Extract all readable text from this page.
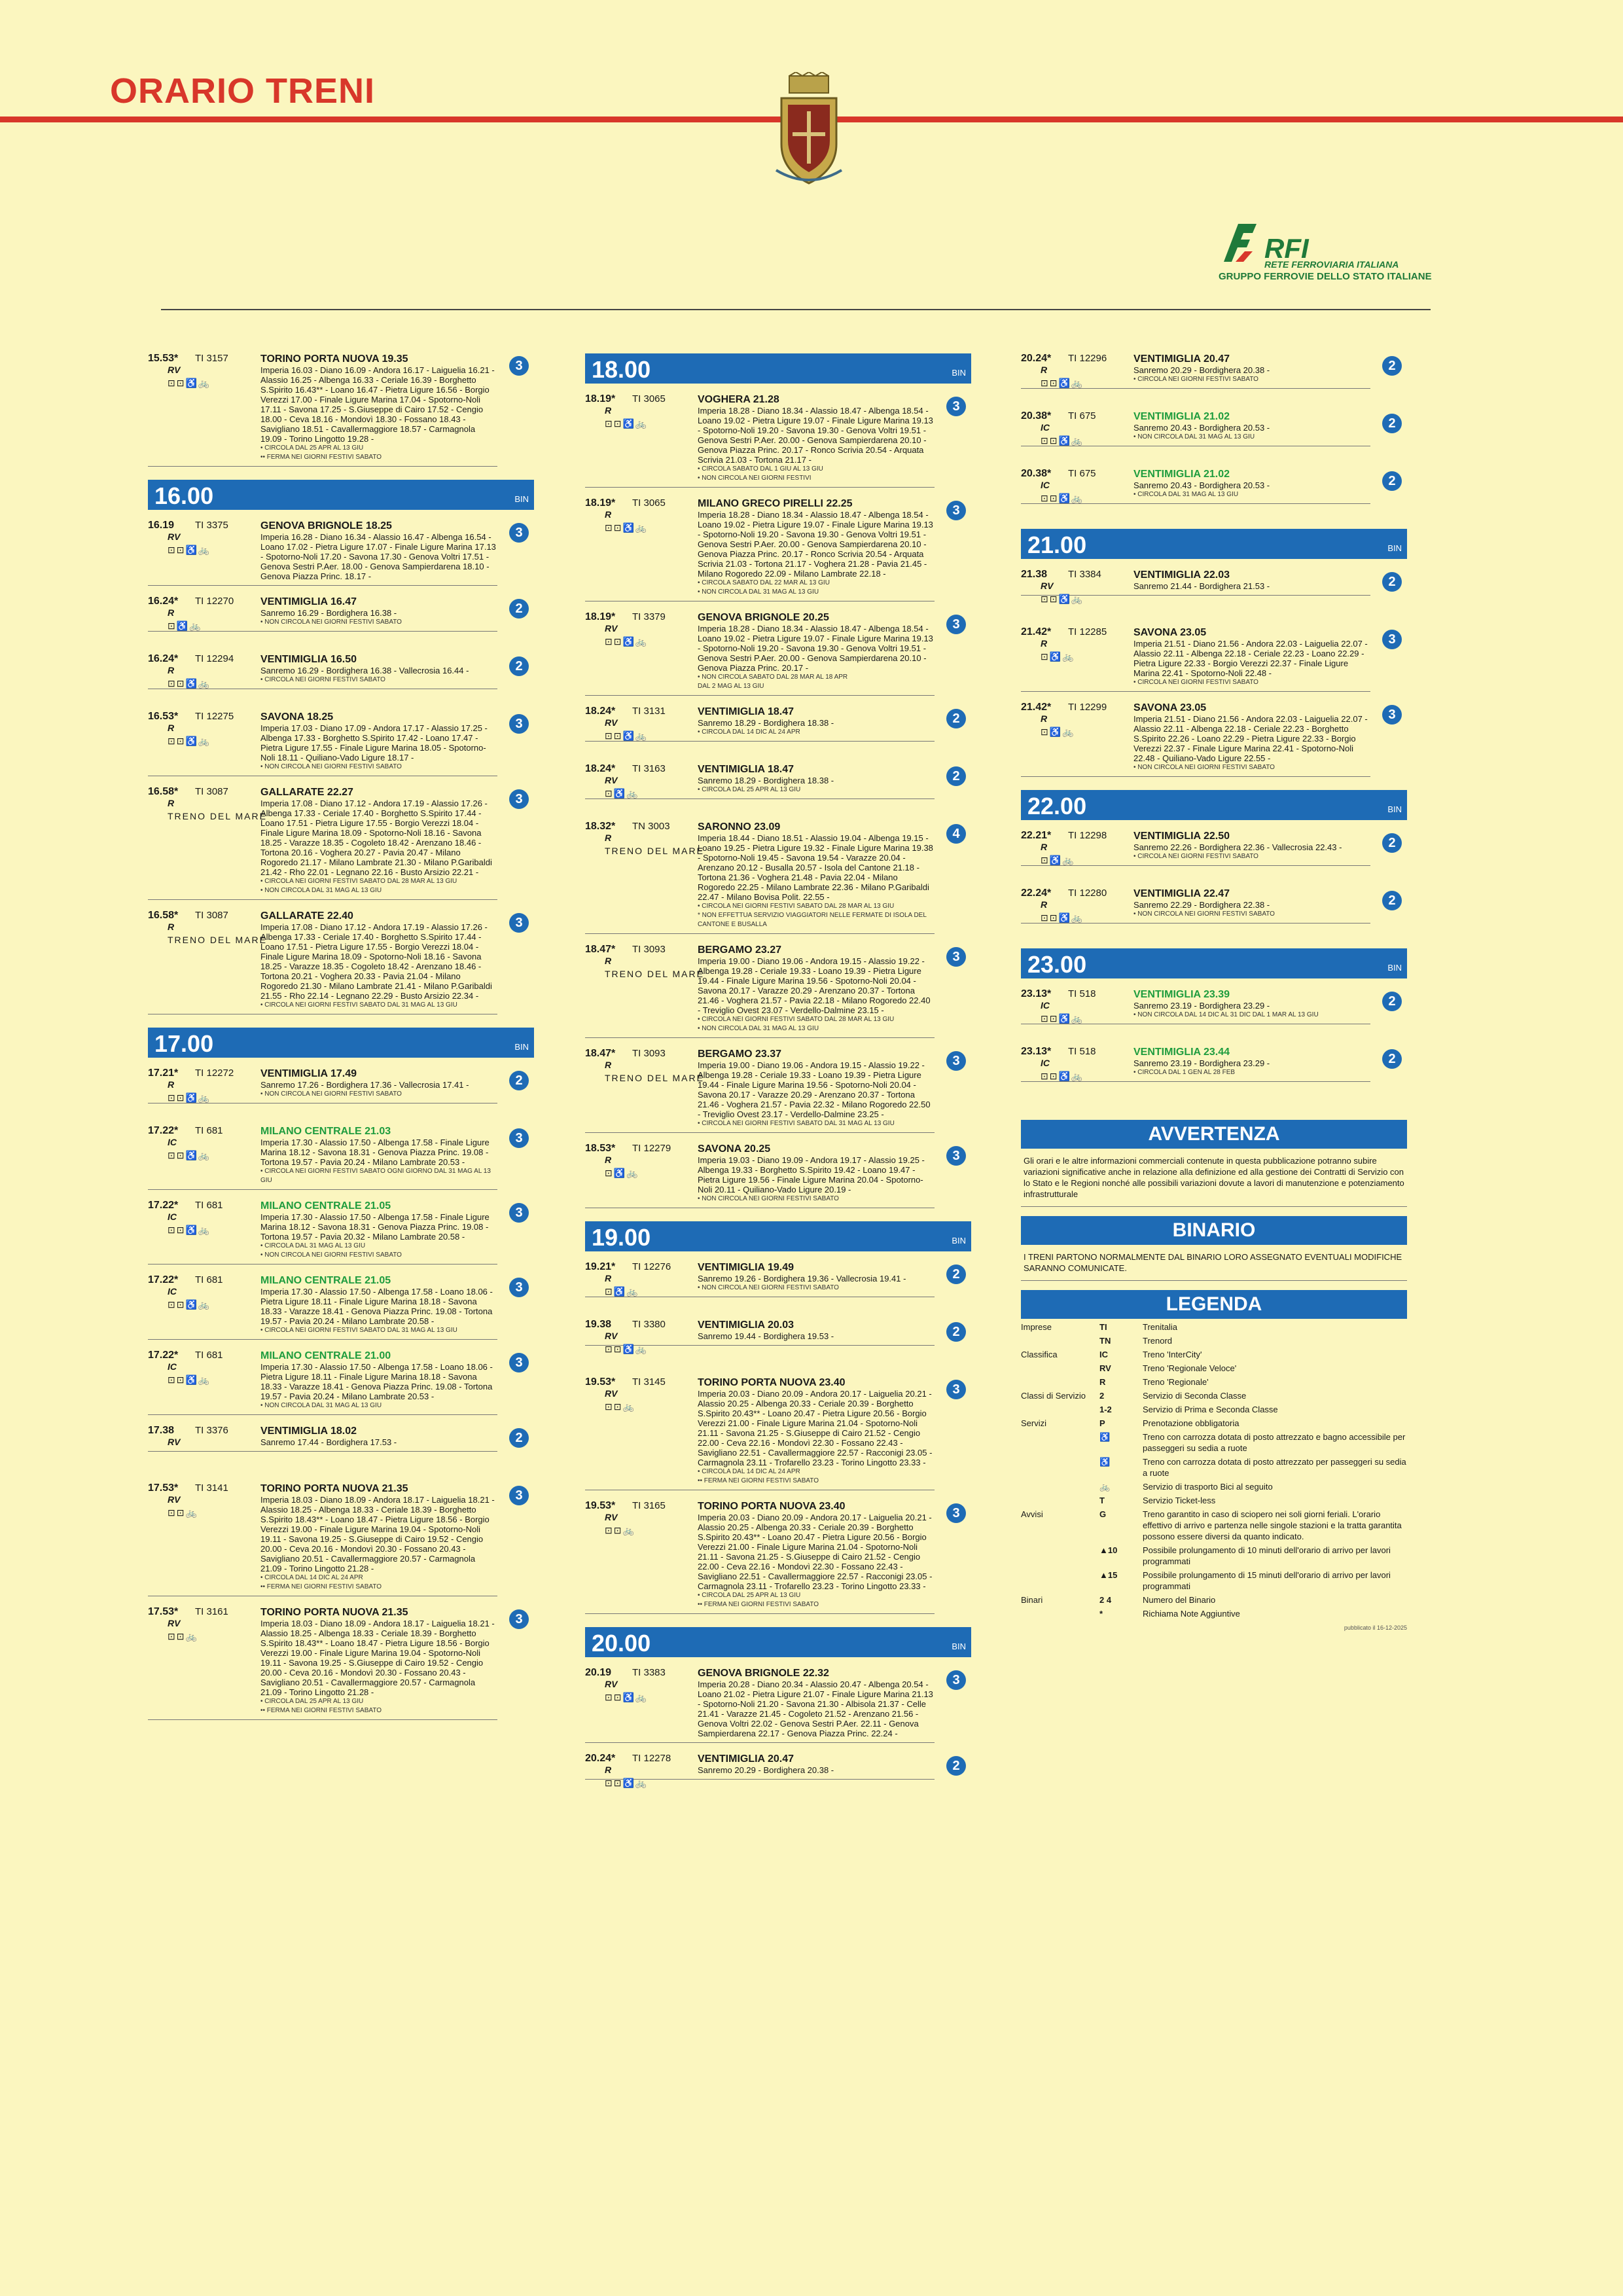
ORARIO TRENI
RFI
RETE FERROVIARIA ITALIANA
GRUPPO FERROVIE DELLO STATO ITALIANE
15.53* TI 3157
RV
⊡⊡♿🚲
TORINO PORTA NUOVA 19.35
Imperia 16.03 - Diano 16.09 - Andora 16.17 - Laiguelia 16.21 - Alassio 16.25 - Albenga 16.33 - Ceriale 16.39 - Borghetto S.Spirito 16.43** - Loano 16.47 - Pietra Ligure 16.56 - Borgio Verezzi 17.00 - Finale Ligure Marina 17.04 - Spotorno-Noli 17.11 - Savona 17.25 - S.Giuseppe di Cairo 17.52 - Cengio 18.00 - Ceva 18.16 - Mondovì 18.30 - Fossano 18.43 - Savigliano 18.51 - Cavallermaggiore 18.57 - Carmagnola 19.09 - Torino Lingotto 19.28 -
• CIRCOLA DAL 25 APR AL 13 GIU
•• FERMA NEI GIORNI FESTIVI SABATO
3
16.00	BIN
16.19 TI 3375
RV
⊡⊡♿🚲
GENOVA BRIGNOLE 18.25
Imperia 16.28 - Diano 16.34 - Alassio 16.47 - Albenga 16.54 - Loano 17.02 - Pietra Ligure 17.07 - Finale Ligure Marina 17.13 - Spotorno-Noli 17.20 - Savona 17.30 - Genova Voltri 17.51 - Genova Sestri P.Aer. 18.00 - Genova Sampierdarena 18.10 - Genova Piazza Princ. 18.17 -
3
16.24* TI 12270
R
⊡♿🚲
VENTIMIGLIA 16.47
Sanremo 16.29 - Bordighera 16.38 -
• NON CIRCOLA NEI GIORNI FESTIVI SABATO
2
16.24* TI 12294
R
⊡⊡♿🚲
VENTIMIGLIA 16.50
Sanremo 16.29 - Bordighera 16.38 - Vallecrosia 16.44 -
• CIRCOLA NEI GIORNI FESTIVI SABATO
2
16.53* TI 12275
R
⊡⊡♿🚲
SAVONA 18.25
Imperia 17.03 - Diano 17.09 - Andora 17.17 - Alassio 17.25 - Albenga 17.33 - Borghetto S.Spirito 17.42 - Loano 17.47 - Pietra Ligure 17.55 - Finale Ligure Marina 18.05 - Spotorno-Noli 18.11 - Quiliano-Vado Ligure 18.17 -
• NON CIRCOLA NEI GIORNI FESTIVI SABATO
3
16.58* TI 3087
R
TRENO DEL MARE
GALLARATE 22.27
Imperia 17.08 - Diano 17.12 - Andora 17.19 - Alassio 17.26 - Albenga 17.33 - Ceriale 17.40 - Borghetto S.Spirito 17.44 - Loano 17.51 - Pietra Ligure 17.55 - Borgio Verezzi 18.04 - Finale Ligure Marina 18.09 - Spotorno-Noli 18.16 - Savona 18.25 - Varazze 18.35 - Cogoleto 18.42 - Arenzano 18.46 - Tortona 20.16 - Voghera 20.27 - Pavia 20.47 - Milano Rogoredo 21.17 - Milano Lambrate 21.30 - Milano P.Garibaldi 21.42 - Rho 22.01 - Legnano 22.16 - Busto Arsizio 22.21 -
• CIRCOLA NEI GIORNI FESTIVI SABATO DAL 28 MAR AL 13 GIU
• NON CIRCOLA DAL 31 MAG AL 13 GIU
3
16.58* TI 3087
R
TRENO DEL MARE
GALLARATE 22.40
Imperia 17.08 - Diano 17.12 - Andora 17.19 - Alassio 17.26 - Albenga 17.33 - Ceriale 17.40 - Borghetto S.Spirito 17.44 - Loano 17.51 - Pietra Ligure 17.55 - Borgio Verezzi 18.04 - Finale Ligure Marina 18.09 - Spotorno-Noli 18.16 - Savona 18.25 - Varazze 18.35 - Cogoleto 18.42 - Arenzano 18.46 - Tortona 20.21 - Voghera 20.33 - Pavia 21.04 - Milano Rogoredo 21.30 - Milano Lambrate 21.41 - Milano P.Garibaldi 21.55 - Rho 22.14 - Legnano 22.29 - Busto Arsizio 22.34 -
• CIRCOLA NEI GIORNI FESTIVI SABATO DAL 31 MAG AL 13 GIU
3
17.00	BIN
17.21* TI 12272
R
⊡⊡♿🚲
VENTIMIGLIA 17.49
Sanremo 17.26 - Bordighera 17.36 - Vallecrosia 17.41 -
• NON CIRCOLA NEI GIORNI FESTIVI SABATO
2
17.22* TI 681
IC
⊡⊡♿🚲
MILANO CENTRALE 21.03
Imperia 17.30 - Alassio 17.50 - Albenga 17.58 - Finale Ligure Marina 18.12 - Savona 18.31 - Genova Piazza Princ. 19.08 - Tortona 19.57 - Pavia 20.24 - Milano Lambrate 20.53 -
• CIRCOLA NEI GIORNI FESTIVI SABATO OGNI GIORNO DAL 31 MAG AL 13 GIU
3
17.22* TI 681
IC
⊡⊡♿🚲
MILANO CENTRALE 21.05
Imperia 17.30 - Alassio 17.50 - Albenga 17.58 - Finale Ligure Marina 18.12 - Savona 18.31 - Genova Piazza Princ. 19.08 - Tortona 19.57 - Pavia 20.32 - Milano Lambrate 20.58 -
• CIRCOLA DAL 31 MAG AL 13 GIU
• NON CIRCOLA NEI GIORNI FESTIVI SABATO
3
17.22* TI 681
IC
⊡⊡♿🚲
MILANO CENTRALE 21.05
Imperia 17.30 - Alassio 17.50 - Albenga 17.58 - Loano 18.06 - Pietra Ligure 18.11 - Finale Ligure Marina 18.18 - Savona 18.33 - Varazze 18.41 - Genova Piazza Princ. 19.08 - Tortona 19.57 - Pavia 20.24 - Milano Lambrate 20.58 -
• CIRCOLA NEI GIORNI FESTIVI SABATO DAL 31 MAG AL 13 GIU
3
17.22* TI 681
IC
⊡⊡♿🚲
MILANO CENTRALE 21.00
Imperia 17.30 - Alassio 17.50 - Albenga 17.58 - Loano 18.06 - Pietra Ligure 18.11 - Finale Ligure Marina 18.18 - Savona 18.33 - Varazze 18.41 - Genova Piazza Princ. 19.08 - Tortona 19.57 - Pavia 20.24 - Milano Lambrate 20.53 -
• NON CIRCOLA DAL 31 MAG AL 13 GIU
3
17.38 TI 3376
RV
VENTIMIGLIA 18.02
Sanremo 17.44 - Bordighera 17.53 -	2
17.53* TI 3141
RV
⊡⊡🚲
TORINO PORTA NUOVA 21.35
Imperia 18.03 - Diano 18.09 - Andora 18.17 - Laiguelia 18.21 - Alassio 18.25 - Albenga 18.33 - Ceriale 18.39 - Borghetto S.Spirito 18.43** - Loano 18.47 - Pietra Ligure 18.56 - Borgio Verezzi 19.00 - Finale Ligure Marina 19.04 - Spotorno-Noli 19.11 - Savona 19.25 - S.Giuseppe di Cairo 19.52 - Cengio 20.00 - Ceva 20.16 - Mondovì 20.30 - Fossano 20.43 - Savigliano 20.51 - Cavallermaggiore 20.57 - Carmagnola 21.09 - Torino Lingotto 21.28 -
• CIRCOLA DAL 14 DIC AL 24 APR
•• FERMA NEI GIORNI FESTIVI SABATO
3
17.53* TI 3161
RV
⊡⊡🚲
TORINO PORTA NUOVA 21.35
Imperia 18.03 - Diano 18.09 - Andora 18.17 - Laiguelia 18.21 - Alassio 18.25 - Albenga 18.33 - Ceriale 18.39 - Borghetto S.Spirito 18.43** - Loano 18.47 - Pietra Ligure 18.56 - Borgio Verezzi 19.00 - Finale Ligure Marina 19.04 - Spotorno-Noli 19.11 - Savona 19.25 - S.Giuseppe di Cairo 19.52 - Cengio 20.00 - Ceva 20.16 - Mondovì 20.30 - Fossano 20.43 - Savigliano 20.51 - Cavallermaggiore 20.57 - Carmagnola 21.09 - Torino Lingotto 21.28 -
• CIRCOLA DAL 25 APR AL 13 GIU
•• FERMA NEI GIORNI FESTIVI SABATO
3
18.00	BIN
18.19* TI 3065
R
⊡⊡♿🚲
VOGHERA 21.28
Imperia 18.28 - Diano 18.34 - Alassio 18.47 - Albenga 18.54 - Loano 19.02 - Pietra Ligure 19.07 - Finale Ligure Marina 19.13 - Spotorno-Noli 19.20 - Savona 19.30 - Genova Voltri 19.51 - Genova Sestri P.Aer. 20.00 - Genova Sampierdarena 20.10 - Genova Piazza Princ. 20.17 - Ronco Scrivia 20.54 - Arquata Scrivia 21.03 - Tortona 21.17 -
• CIRCOLA SABATO DAL 1 GIU AL 13 GIU
• NON CIRCOLA NEI GIORNI FESTIVI
3
18.19* TI 3065
R
⊡⊡♿🚲
MILANO GRECO PIRELLI 22.25
Imperia 18.28 - Diano 18.34 - Alassio 18.47 - Albenga 18.54 - Loano 19.02 - Pietra Ligure 19.07 - Finale Ligure Marina 19.13 - Spotorno-Noli 19.20 - Savona 19.30 - Genova Voltri 19.51 - Genova Sestri P.Aer. 20.00 - Genova Sampierdarena 20.10 - Genova Piazza Princ. 20.17 - Ronco Scrivia 20.54 - Arquata Scrivia 21.03 - Tortona 21.17 - Voghera 21.28 - Pavia 21.45 - Milano Rogoredo 22.09 - Milano Lambrate 22.18 -
• CIRCOLA SABATO DAL 22 MAR AL 13 GIU
• NON CIRCOLA DAL 31 MAG AL 13 GIU
3
18.19* TI 3379
RV
⊡⊡♿🚲
GENOVA BRIGNOLE 20.25
Imperia 18.28 - Diano 18.34 - Alassio 18.47 - Albenga 18.54 - Loano 19.02 - Pietra Ligure 19.07 - Finale Ligure Marina 19.13 - Spotorno-Noli 19.20 - Savona 19.30 - Genova Voltri 19.51 - Genova Sestri P.Aer. 20.00 - Genova Sampierdarena 20.10 - Genova Piazza Princ. 20.17 -
• NON CIRCOLA SABATO DAL 28 MAR AL 18 APR
DAL 2 MAG AL 13 GIU
3
18.24* TI 3131
RV
⊡⊡♿🚲
VENTIMIGLIA 18.47
Sanremo 18.29 - Bordighera 18.38 -
• CIRCOLA DAL 14 DIC AL 24 APR
2
18.24* TI 3163
RV
⊡♿🚲
VENTIMIGLIA 18.47
Sanremo 18.29 - Bordighera 18.38 -
• CIRCOLA DAL 25 APR AL 13 GIU
2
18.32* TN 3003
R
TRENO DEL MARE
SARONNO 23.09
Imperia 18.44 - Diano 18.51 - Alassio 19.04 - Albenga 19.15 - Loano 19.25 - Pietra Ligure 19.32 - Finale Ligure Marina 19.38 - Spotorno-Noli 19.45 - Savona 19.54 - Varazze 20.04 - Arenzano 20.12 - Busalla 20.57 - Isola del Cantone 21.18 - Tortona 21.36 - Voghera 21.48 - Pavia 22.04 - Milano Rogoredo 22.25 - Milano Lambrate 22.36 - Milano P.Garibaldi 22.47 - Milano Bovisa Polit. 22.55 -
• CIRCOLA NEI GIORNI FESTIVI SABATO DAL 28 MAR AL 13 GIU
* NON EFFETTUA SERVIZIO VIAGGIATORI NELLE FERMATE DI ISOLA DEL CANTONE E BUSALLA
4
18.47* TI 3093
R
TRENO DEL MARE
BERGAMO 23.27
Imperia 19.00 - Diano 19.06 - Andora 19.15 - Alassio 19.22 - Albenga 19.28 - Ceriale 19.33 - Loano 19.39 - Pietra Ligure 19.44 - Finale Ligure Marina 19.56 - Spotorno-Noli 20.04 - Savona 20.17 - Varazze 20.29 - Arenzano 20.37 - Tortona 21.46 - Voghera 21.57 - Pavia 22.18 - Milano Rogoredo 22.40 - Treviglio Ovest 23.07 - Verdello-Dalmine 23.15 -
• CIRCOLA NEI GIORNI FESTIVI SABATO DAL 28 MAR AL 13 GIU
• NON CIRCOLA DAL 31 MAG AL 13 GIU
3
18.47* TI 3093
R
TRENO DEL MARE
BERGAMO 23.37
Imperia 19.00 - Diano 19.06 - Andora 19.15 - Alassio 19.22 - Albenga 19.28 - Ceriale 19.33 - Loano 19.39 - Pietra Ligure 19.44 - Finale Ligure Marina 19.56 - Spotorno-Noli 20.04 - Savona 20.17 - Varazze 20.29 - Arenzano 20.37 - Tortona 21.46 - Voghera 21.57 - Pavia 22.32 - Milano Rogoredo 22.50 - Treviglio Ovest 23.17 - Verdello-Dalmine 23.25 -
• CIRCOLA NEI GIORNI FESTIVI SABATO DAL 31 MAG AL 13 GIU
3
18.53* TI 12279
R
⊡♿🚲
SAVONA 20.25
Imperia 19.03 - Diano 19.09 - Andora 19.17 - Alassio 19.25 - Albenga 19.33 - Borghetto S.Spirito 19.42 - Loano 19.47 - Pietra Ligure 19.56 - Finale Ligure Marina 20.04 - Spotorno-Noli 20.11 - Quiliano-Vado Ligure 20.19 -
• NON CIRCOLA NEI GIORNI FESTIVI SABATO
3
19.00	BIN
19.21* TI 12276
R
⊡♿🚲
VENTIMIGLIA 19.49
Sanremo 19.26 - Bordighera 19.36 - Vallecrosia 19.41 -
• NON CIRCOLA NEI GIORNI FESTIVI SABATO
2
19.38 TI 3380
RV
⊡⊡♿🚲
VENTIMIGLIA 20.03
Sanremo 19.44 - Bordighera 19.53 -	2
19.53* TI 3145
RV
⊡⊡🚲
TORINO PORTA NUOVA 23.40
Imperia 20.03 - Diano 20.09 - Andora 20.17 - Laiguelia 20.21 - Alassio 20.25 - Albenga 20.33 - Ceriale 20.39 - Borghetto S.Spirito 20.43** - Loano 20.47 - Pietra Ligure 20.56 - Borgio Verezzi 21.00 - Finale Ligure Marina 21.04 - Spotorno-Noli 21.11 - Savona 21.25 - S.Giuseppe di Cairo 21.52 - Cengio 22.00 - Ceva 22.16 - Mondovì 22.30 - Fossano 22.43 - Savigliano 22.51 - Cavallermaggiore 22.57 - Racconigi 23.05 - Carmagnola 23.11 - Trofarello 23.23 - Torino Lingotto 23.33 -
• CIRCOLA DAL 14 DIC AL 24 APR
•• FERMA NEI GIORNI FESTIVI SABATO
3
19.53* TI 3165
RV
⊡⊡🚲
TORINO PORTA NUOVA 23.40
Imperia 20.03 - Diano 20.09 - Andora 20.17 - Laiguelia 20.21 - Alassio 20.25 - Albenga 20.33 - Ceriale 20.39 - Borghetto S.Spirito 20.43** - Loano 20.47 - Pietra Ligure 20.56 - Borgio Verezzi 21.00 - Finale Ligure Marina 21.04 - Spotorno-Noli 21.11 - Savona 21.25 - S.Giuseppe di Cairo 21.52 - Cengio 22.00 - Ceva 22.16 - Mondovì 22.30 - Fossano 22.43 - Savigliano 22.51 - Cavallermaggiore 22.57 - Racconigi 23.05 - Carmagnola 23.11 - Trofarello 23.23 - Torino Lingotto 23.33 -
• CIRCOLA DAL 25 APR AL 13 GIU
•• FERMA NEI GIORNI FESTIVI SABATO
3
20.00	BIN
20.19 TI 3383
RV
⊡⊡♿🚲
GENOVA BRIGNOLE 22.32
Imperia 20.28 - Diano 20.34 - Alassio 20.47 - Albenga 20.54 - Loano 21.02 - Pietra Ligure 21.07 - Finale Ligure Marina 21.13 - Spotorno-Noli 21.20 - Savona 21.30 - Albisola 21.37 - Celle 21.41 - Varazze 21.45 - Cogoleto 21.52 - Arenzano 21.56 - Genova Voltri 22.02 - Genova Sestri P.Aer. 22.11 - Genova Sampierdarena 22.17 - Genova Piazza Princ. 22.24 -
3
20.24* TI 12278
R
⊡⊡♿🚲
VENTIMIGLIA 20.47
Sanremo 20.29 - Bordighera 20.38 -	2
20.24* TI 12296
R
⊡⊡♿🚲
VENTIMIGLIA 20.47
Sanremo 20.29 - Bordighera 20.38 -
• CIRCOLA NEI GIORNI FESTIVI SABATO
2
20.38* TI 675
IC
⊡⊡♿🚲
VENTIMIGLIA 21.02
Sanremo 20.43 - Bordighera 20.53 -
• NON CIRCOLA DAL 31 MAG AL 13 GIU
2
20.38* TI 675
IC
⊡⊡♿🚲
VENTIMIGLIA 21.02
Sanremo 20.43 - Bordighera 20.53 -
• CIRCOLA DAL 31 MAG AL 13 GIU
2
21.00	BIN
21.38 TI 3384
RV
⊡⊡♿🚲
VENTIMIGLIA 22.03
Sanremo 21.44 - Bordighera 21.53 -	2
21.42* TI 12285
R
⊡♿🚲
SAVONA 23.05
Imperia 21.51 - Diano 21.56 - Andora 22.03 - Laiguelia 22.07 - Alassio 22.11 - Albenga 22.18 - Ceriale 22.23 - Loano 22.29 - Pietra Ligure 22.33 - Borgio Verezzi 22.37 - Finale Ligure Marina 22.41 - Spotorno-Noli 22.48 -
• CIRCOLA NEI GIORNI FESTIVI SABATO
3
21.42* TI 12299
R
⊡♿🚲
SAVONA 23.05
Imperia 21.51 - Diano 21.56 - Andora 22.03 - Laiguelia 22.07 - Alassio 22.11 - Albenga 22.18 - Ceriale 22.23 - Borghetto S.Spirito 22.26 - Loano 22.29 - Pietra Ligure 22.33 - Borgio Verezzi 22.37 - Finale Ligure Marina 22.41 - Spotorno-Noli 22.48 - Quiliano-Vado Ligure 22.55 -
• NON CIRCOLA NEI GIORNI FESTIVI SABATO
3
22.00	BIN
22.21* TI 12298
R
⊡♿🚲
VENTIMIGLIA 22.50
Sanremo 22.26 - Bordighera 22.36 - Vallecrosia 22.43 -
• CIRCOLA NEI GIORNI FESTIVI SABATO
2
22.24* TI 12280
R
⊡⊡♿🚲
VENTIMIGLIA 22.47
Sanremo 22.29 - Bordighera 22.38 -
• NON CIRCOLA NEI GIORNI FESTIVI SABATO
2
23.00	BIN
23.13* TI 518
IC
⊡⊡♿🚲
VENTIMIGLIA 23.39
Sanremo 23.19 - Bordighera 23.29 -
• NON CIRCOLA DAL 14 DIC AL 31 DIC DAL 1 MAR AL 13 GIU
2
23.13* TI 518
IC
⊡⊡♿🚲
VENTIMIGLIA 23.44
Sanremo 23.19 - Bordighera 23.29 -
• CIRCOLA DAL 1 GEN AL 28 FEB
2
AVVERTENZA
Gli orari e le altre informazioni commerciali contenute in questa pubblicazione potranno subire variazioni significative anche in relazione alla definizione ed alla gestione dei Contratti di Servizio con lo Stato e le Regioni nonché alle possibili variazioni dovute a lavori di manutenzione e potenziamento infrastrutturale
BINARIO
I TRENI PARTONO NORMALMENTE DAL BINARIO LORO ASSEGNATO EVENTUALI MODIFICHE SARANNO COMUNICATE.
LEGENDA
Imprese	TI	Trenitalia
TN	Trenord
Classifica	IC	Treno 'InterCity'
RV	Treno 'Regionale Veloce'
R	Treno 'Regionale'
Classi di Servizio	2	Servizio di Seconda Classe
1-2	Servizio di Prima e Seconda Classe
Servizi	P	Prenotazione obbligatoria
♿	Treno con carrozza dotata di posto attrezzato e bagno accessibile per passeggeri su sedia a ruote
♿	Treno con carrozza dotata di posto attrezzato per passeggeri su sedia a ruote
🚲	Servizio di trasporto Bici al seguito
T	Servizio Ticket-less
Avvisi	G	Treno garantito in caso di sciopero nei soli giorni feriali. L'orario effettivo di arrivo e partenza nelle singole stazioni e la tratta garantita possono essere diversi da quanto indicato.
▲10	Possibile prolungamento di 10 minuti dell'orario di arrivo per lavori programmati
▲15	Possibile prolungamento di 15 minuti dell'orario di arrivo per lavori programmati
Binari	2 4	Numero del Binario
*	Richiama Note Aggiuntive
pubblicato il 16-12-2025
